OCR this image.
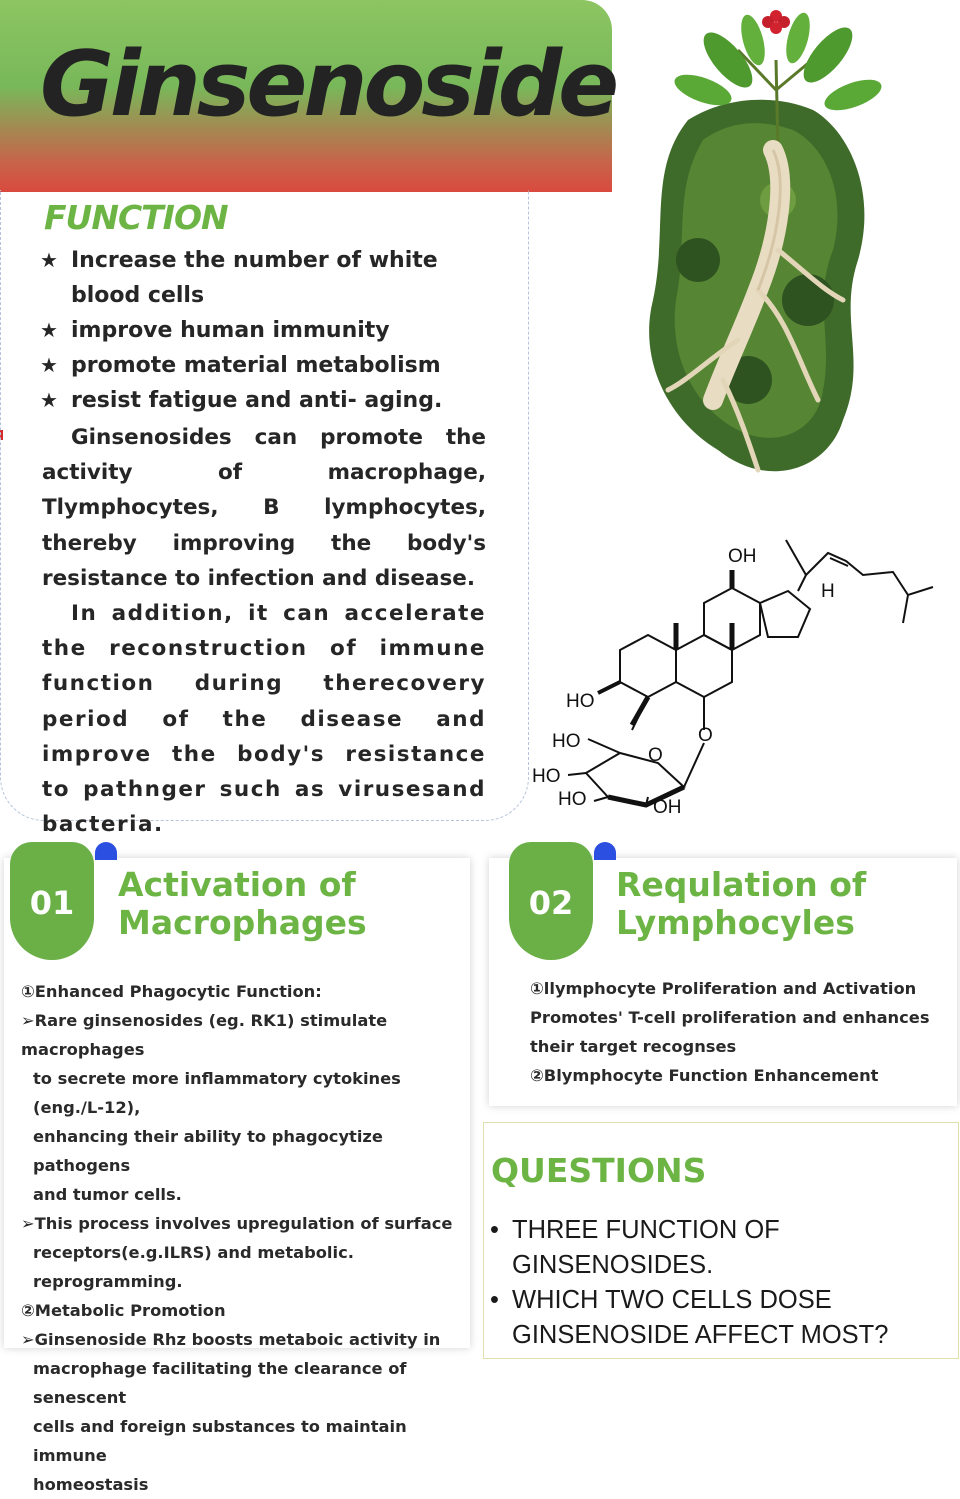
Ginsenoside
FUNCTION
★ Increase the number of white blood cells
★ improve human immunity
★ promote material metabolism
★ resist fatigue and anti- aging.

Ginsenosides can promote the activity of macrophage, Tlymphocytes, B lymphocytes, thereby improving the body's resistance to infection and disease.

In addition, it can accelerate the reconstruction of immune function during therecovery period of the disease and improve the body's resistance to pathnger such as virusesand bacteria.

OH
H
HO
O
HO
O
HO
HO	OH
01	Activation of
Macrophages

①Enhanced Phagocytic Function:

➢Rare ginsenosides (eg. RK1) stimulate macrophages

to secrete more inflammatory cytokines (eng./L-12),

enhancing their ability to phagocytize pathogens

and tumor cells.

➢This process involves upregulation of surface

receptors(e.g.ILRS) and metabolic. reprogramming.

②Metabolic Promotion

➢Ginsenoside Rhz boosts metaboic activity in

macrophage facilitating the clearance of senescent

cells and foreign substances to maintain immune

homeostasis

02	Requlation of
Lymphocyles

①llymphocyte Proliferation and Activation

Promotes' T-cell proliferation and enhances

their target recognses

②Blymphocyte Function Enhancement

QUESTIONS
• THREE FUNCTION OF GINSENOSIDES.
• WHICH TWO CELLS DOSE GINSENOSIDE AFFECT MOST?
